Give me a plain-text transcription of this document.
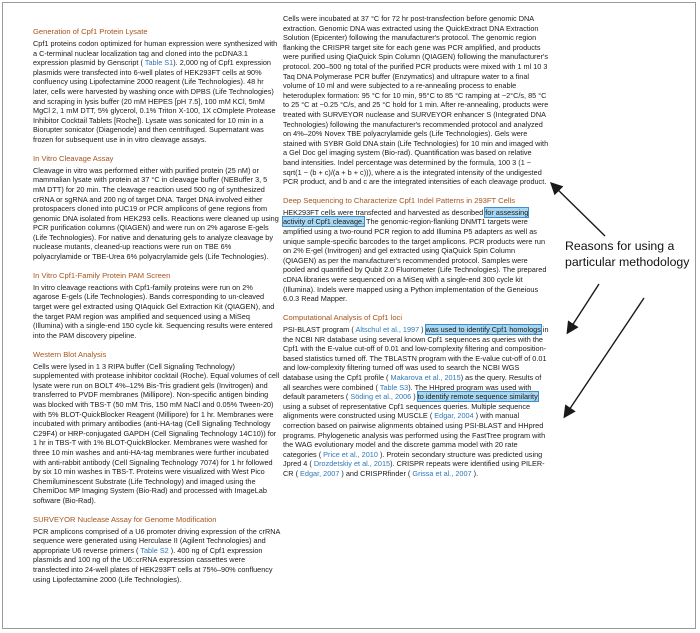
Generation of Cpf1 Protein Lysate
Cpf1 proteins codon optimized for human expression were synthesized with a C-terminal nuclear localization tag and cloned into the pcDNA3.1 expression plasmid by Genscript ( Table S1). 2,000 ng of Cpf1 expression plasmids were transfected into 6-well plates of HEK293FT cells at 90% confluency using Lipofectamine 2000 reagent (Life Technologies). 48 hr later, cells were harvested by washing once with DPBS (Life Technologies) and scraping in lysis buffer (20 mM HEPES [pH 7.5], 100 mM KCl, 5mM MgCl 2, 1 mM DTT, 5% glycerol, 0.1% Triton X-100, 1X cOmplete Protease Inhibitor Cocktail Tablets [Roche]). Lysate was sonicated for 10 min in a Biorupter sonicator (Diagenode) and then centrifuged. Supernatant was frozen for subsequent use in in vitro cleavage assays.
In Vitro Cleavage Assay
Cleavage in vitro was performed either with purified protein (25 nM) or mammalian lysate with protein at 37 °C in cleavage buffer (NEBuffer 3, 5 mM DTT) for 20 min. The cleavage reaction used 500 ng of synthesized crRNA or sgRNA and 200 ng of target DNA. Target DNA involved either protospacers cloned into pUC19 or PCR amplicons of gene regions from genomic DNA isolated from HEK293 cells. Reactions were cleaned up using PCR purification columns (QIAGEN) and were run on 2% agarose E-gels (Life Technologies). For native and denaturing gels to analyze cleavage by nuclease mutants, cleaned-up reactions were run on TBE 6% polyacrylamide or TBE-Urea 6% polyacrylamide gels (Life Technologies).
In Vitro Cpf1-Family Protein PAM Screen
In vitro cleavage reactions with Cpf1-family proteins were run on 2% agarose E-gels (Life Technologies). Bands corresponding to un-cleaved target were gel extracted using QIAquick Gel Extraction Kit (QIAGEN), and the target PAM region was amplified and sequenced using a MiSeq (Illumina) with a single-end 150 cycle kit. Sequencing results were entered into the PAM discovery pipeline.
Western Blot Analysis
Cells were lysed in 1 3 RIPA buffer (Cell Signaling Technology) supplemented with protease inhibitor cocktail (Roche). Equal volumes of cell lysate were run on BOLT 4%–12% Bis-Tris gradient gels (Invitrogen) and transferred to PVDF membranes (Millipore). Non-specific antigen binding was blocked with TBS-T (50 mM Tris, 150 mM NaCl and 0.05% Tween-20) with 5% BLOT-QuickBlocker Reagent (Millipore) for 1 hr. Membranes were incubated with primary antibodies (anti-HA-tag (Cell Signaling Technology C29F4) or HRP-conjugated GAPDH (Cell Signaling Technology 14C10)) for 1 hr in TBS-T with 1% BLOT-QuickBlocker. Membranes were washed for three 10 min washes and anti-HA-tag membranes were further incubated with anti-rabbit antibody (Cell Signaling Technology 7074) for 1 hr followed by six 10 min washes in TBS-T. Proteins were visualized with West Pico Chemiluminescent Substrate (Life Technology) and imaged using the ChemiDoc MP Imaging System (Bio-Rad) and processed with ImageLab software (Bio-Rad).
SURVEYOR Nuclease Assay for Genome Modification
PCR amplicons comprised of a U6 promoter driving expression of the crRNA sequence were generated using Herculase II (Agilent Technologies) and appropriate U6 reverse primers ( Table S2 ). 400 ng of Cpf1 expression plasmids and 100 ng of the U6::crRNA expression cassettes were transfected into 24-well plates of HEK293FT cells at 75%–90% confluency using Lipofectamine 2000 (Life Technologies).
Cells were incubated at 37 °C for 72 hr post-transfection before genomic DNA extraction. Genomic DNA was extracted using the QuickExtract DNA Extraction Solution (Epicenter) following the manufacturer's protocol. The genomic region flanking the CRISPR target site for each gene was PCR amplified, and products were purified using QiaQuick Spin Column (QIAGEN) following the manufacturer's protocol. 200–500 ng total of the purified PCR products were mixed with 1 ml 10 3 Taq DNA Polymerase PCR buffer (Enzymatics) and ultrapure water to a final volume of 10 ml and were subjected to a re-annealing process to enable heteroduplex formation: 95 °C for 10 min, 95°C to 85 °C ramping at −2°C/s, 85 °C to 25 °C at −0.25 °C/s, and 25 °C hold for 1 min. After re-annealing, products were treated with SURVEYOR nuclease and SURVEYOR enhancer S (Integrated DNA Technologies) following the manufacturer's recommended protocol and analyzed on 4%–20% Novex TBE polyacrylamide gels (Life Technologies). Gels were stained with SYBR Gold DNA stain (Life Technologies) for 10 min and imaged with a Gel Doc gel imaging system (Bio-rad). Quantification was based on relative band intensities. Indel percentage was determined by the formula, 100 3 (1 − sqrt(1 − (b + c)/(a + b + c))), where a is the integrated intensity of the undigested PCR product, and b and c are the integrated intensities of each cleavage product.
Deep Sequencing to Characterize Cpf1 Indel Patterns in 293FT Cells
HEK293FT cells were transfected and harvested as described for assessing activity of Cpf1 cleavage. The genomic-region-flanking DNMT1 targets were amplified using a two-round PCR region to add Illumina P5 adapters as well as unique sample-specific barcodes to the target amplicons. PCR products were run on 2% E-gel (Invitrogen) and gel extracted using QiaQuick Spin Column (QIAGEN) as per the manufacturer's recommended protocol. Samples were pooled and quantified by Qubit 2.0 Fluorometer (Life Technologies). The prepared cDNA libraries were sequenced on a MiSeq with a single-end 300 cycle kit (Illumina). Indels were mapped using a Python implementation of the Geneious 6.0.3 Read Mapper.
Computational Analysis of Cpf1 loci
PSI-BLAST program ( Altschul et al., 1997 ) was used to identify Cpf1 homologs in the NCBI NR database using several known Cpf1 sequences as queries with the Cpf1 with the E-value cut-off of 0.01 and low-complexity filtering and composition-based statistics turned off. The TBLASTN program with the E-value cut-off of 0.01 and low-complexity filtering turned off was used to search the NCBI WGS database using the Cpf1 profile ( Makarova et al., 2015) as the query. Results of all searches were combined ( Table S3). The HHpred program was used with default parameters ( Söding et al., 2006 ) to identify remote sequence similarity using a subset of representative Cpf1 sequences queries. Multiple sequence alignments were constructed using MUSCLE ( Edgar, 2004 ) with manual correction based on pairwise alignments obtained using PSI-BLAST and HHpred programs. Phylogenetic analysis was performed using the FastTree program with the WAG evolutionary model and the discrete gamma model with 20 rate categories ( Price et al., 2010 ). Protein secondary structure was predicted using Jpred 4 ( Drozdetskiy et al., 2015). CRISPR repeats were identified using PILER-CR ( Edgar, 2007 ) and CRISPRfinder ( Grissa et al., 2007 ).
Reasons for using a particular methodology
